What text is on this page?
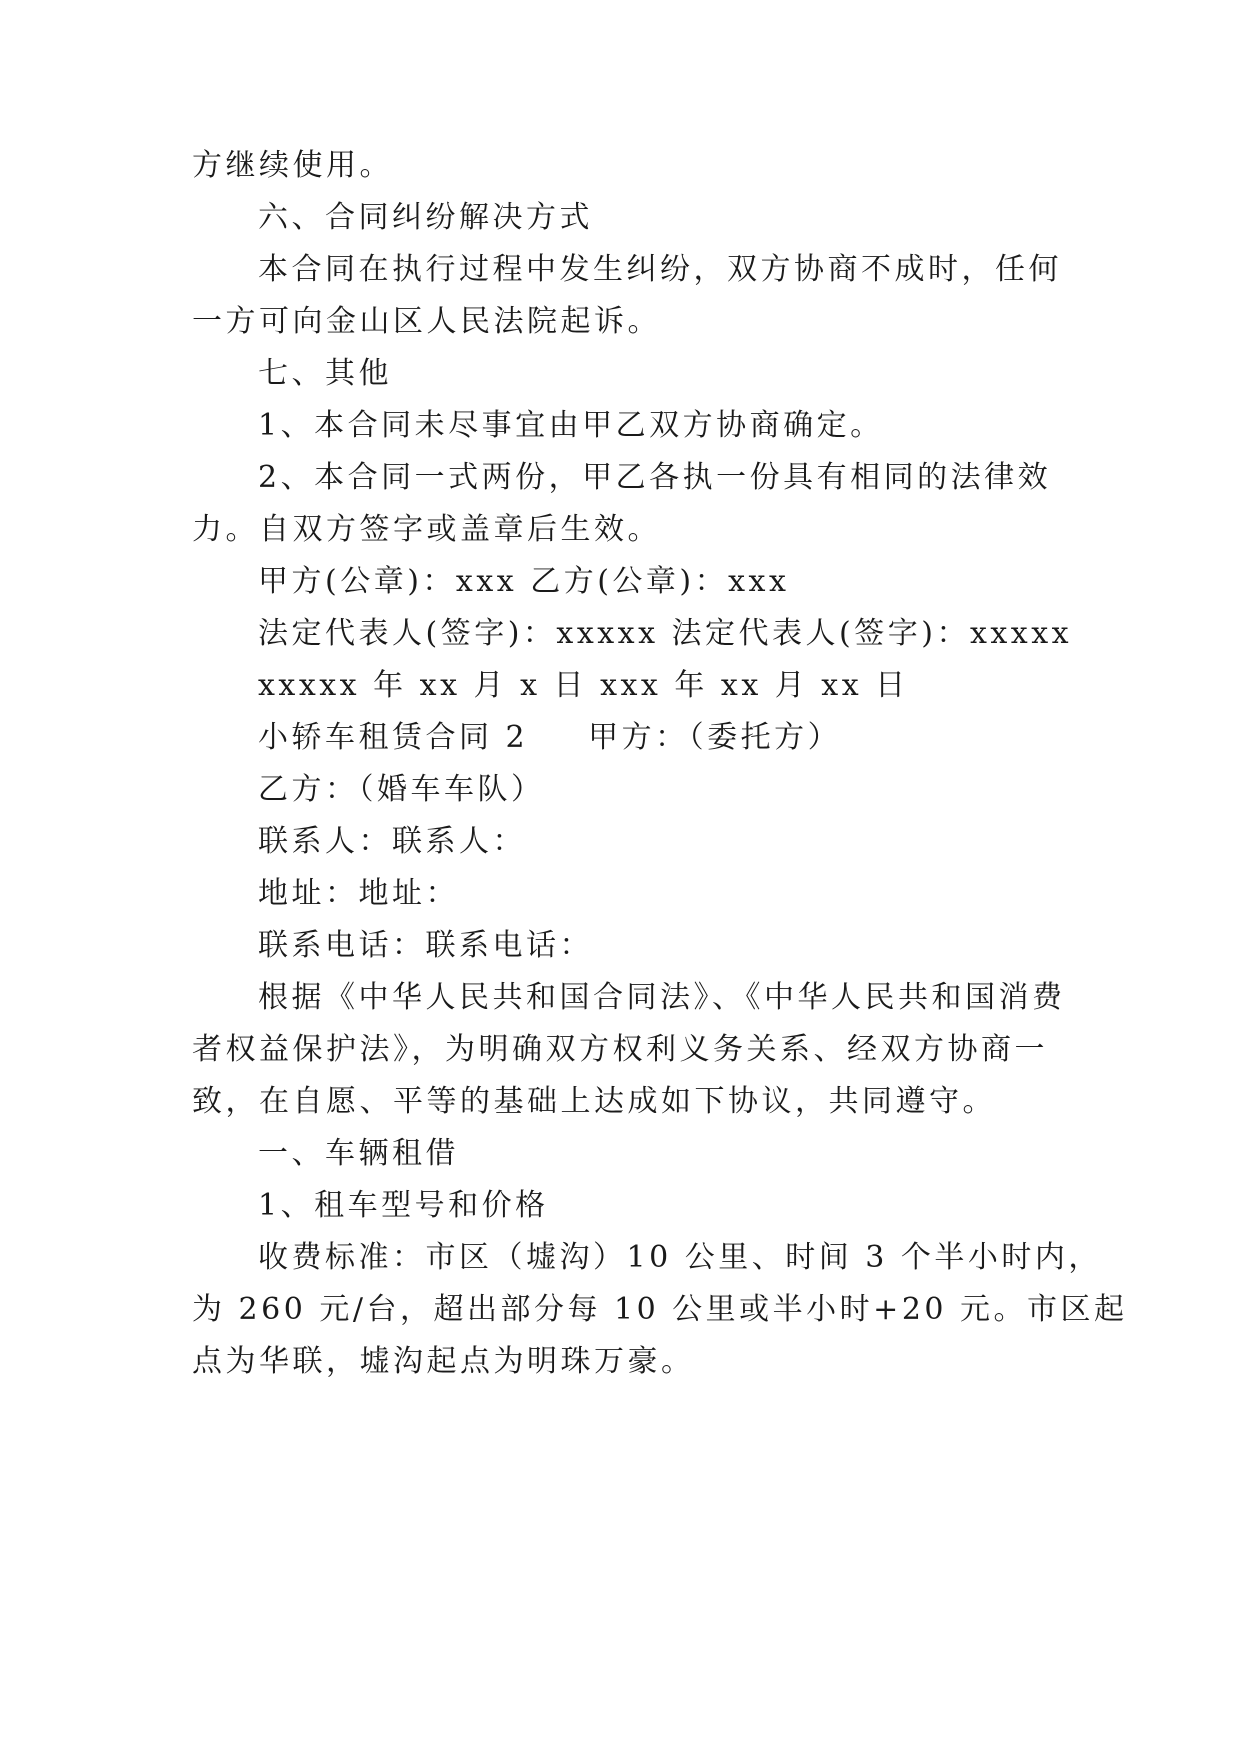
方继续使用。
六、合同纠纷解决方式
本合同在执行过程中发生纠纷，双方协商不成时，任何
一方可向金山区人民法院起诉。
七、其他
1、本合同未尽事宜由甲乙双方协商确定。
2、本合同一式两份，甲乙各执一份具有相同的法律效
力。自双方签字或盖章后生效。
甲方(公章)：xxx 乙方(公章)：xxx
法定代表人(签字)：xxxxx 法定代表人(签字)：xxxxx
xxxxx 年 xx 月 x 日 xxx 年 xx 月 xx 日
小轿车租赁合同 2 甲方：（委托方）
乙方：（婚车车队）
联系人：联系人：
地址：地址：
联系电话：联系电话：
根据《中华人民共和国合同法》、《中华人民共和国消费
者权益保护法》，为明确双方权利义务关系、经双方协商一
致，在自愿、平等的基础上达成如下协议，共同遵守。
一、车辆租借
1、租车型号和价格
收费标准：市区（墟沟）10 公里、时间 3 个半小时内，
为 260 元/台，超出部分每 10 公里或半小时+20 元。市区起
点为华联，墟沟起点为明珠万豪。
